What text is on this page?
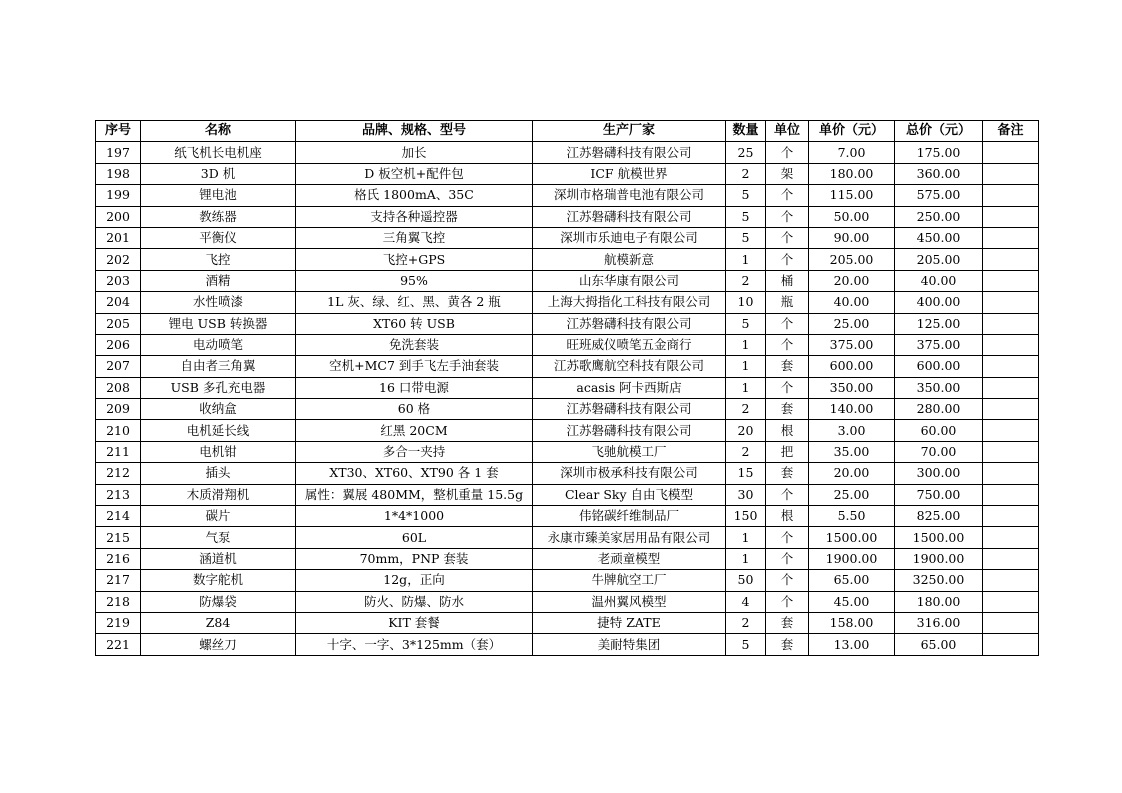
序号	名称	品牌、规格、型号	生产厂家	数量	单位	单价（元）	总价（元）	备注
197	纸飞机长电机座	加长	江苏磐礴科技有限公司	25	个	7.00	175.00	
198	3D 机	D 板空机+配件包	ICF 航模世界	2	架	180.00	360.00	
199	锂电池	格氏 1800mA、35C	深圳市格瑞普电池有限公司	5	个	115.00	575.00	
200	教练器	支持各种遥控器	江苏磐礴科技有限公司	5	个	50.00	250.00	
201	平衡仪	三角翼飞控	深圳市乐迪电子有限公司	5	个	90.00	450.00	
202	飞控	飞控+GPS	航模新意	1	个	205.00	205.00	
203	酒精	95%	山东华康有限公司	2	桶	20.00	40.00	
204	水性喷漆	1L 灰、绿、红、黑、黄各 2 瓶	上海大拇指化工科技有限公司	10	瓶	40.00	400.00	
205	锂电 USB 转换器	XT60 转 USB	江苏磐礴科技有限公司	5	个	25.00	125.00	
206	电动喷笔	免洗套装	旺班威仪喷笔五金商行	1	个	375.00	375.00	
207	自由者三角翼	空机+MC7 到手飞左手油套装	江苏歌鹰航空科技有限公司	1	套	600.00	600.00	
208	USB 多孔充电器	16 口带电源	acasis 阿卡西斯店	1	个	350.00	350.00	
209	收纳盒	60 格	江苏磐礴科技有限公司	2	套	140.00	280.00	
210	电机延长线	红黑 20CM	江苏磐礴科技有限公司	20	根	3.00	60.00	
211	电机钳	多合一夹持	飞驰航模工厂	2	把	35.00	70.00	
212	插头	XT30、XT60、XT90 各 1 套	深圳市极承科技有限公司	15	套	20.00	300.00	
213	木质滑翔机	属性：翼展 480MM，整机重量 15.5g	Clear Sky 自由飞模型	30	个	25.00	750.00	
214	碳片	1*4*1000	伟铭碳纤维制品厂	150	根	5.50	825.00	
215	气泵	60L	永康市臻美家居用品有限公司	1	个	1500.00	1500.00	
216	涵道机	70mm，PNP 套装	老顽童模型	1	个	1900.00	1900.00	
217	数字舵机	12g，正向	牛牌航空工厂	50	个	65.00	3250.00	
218	防爆袋	防火、防爆、防水	温州翼风模型	4	个	45.00	180.00	
219	Z84	KIT 套餐	捷特 ZATE	2	套	158.00	316.00	
221	螺丝刀	十字、一字、3*125mm（套）	美耐特集团	5	套	13.00	65.00	
